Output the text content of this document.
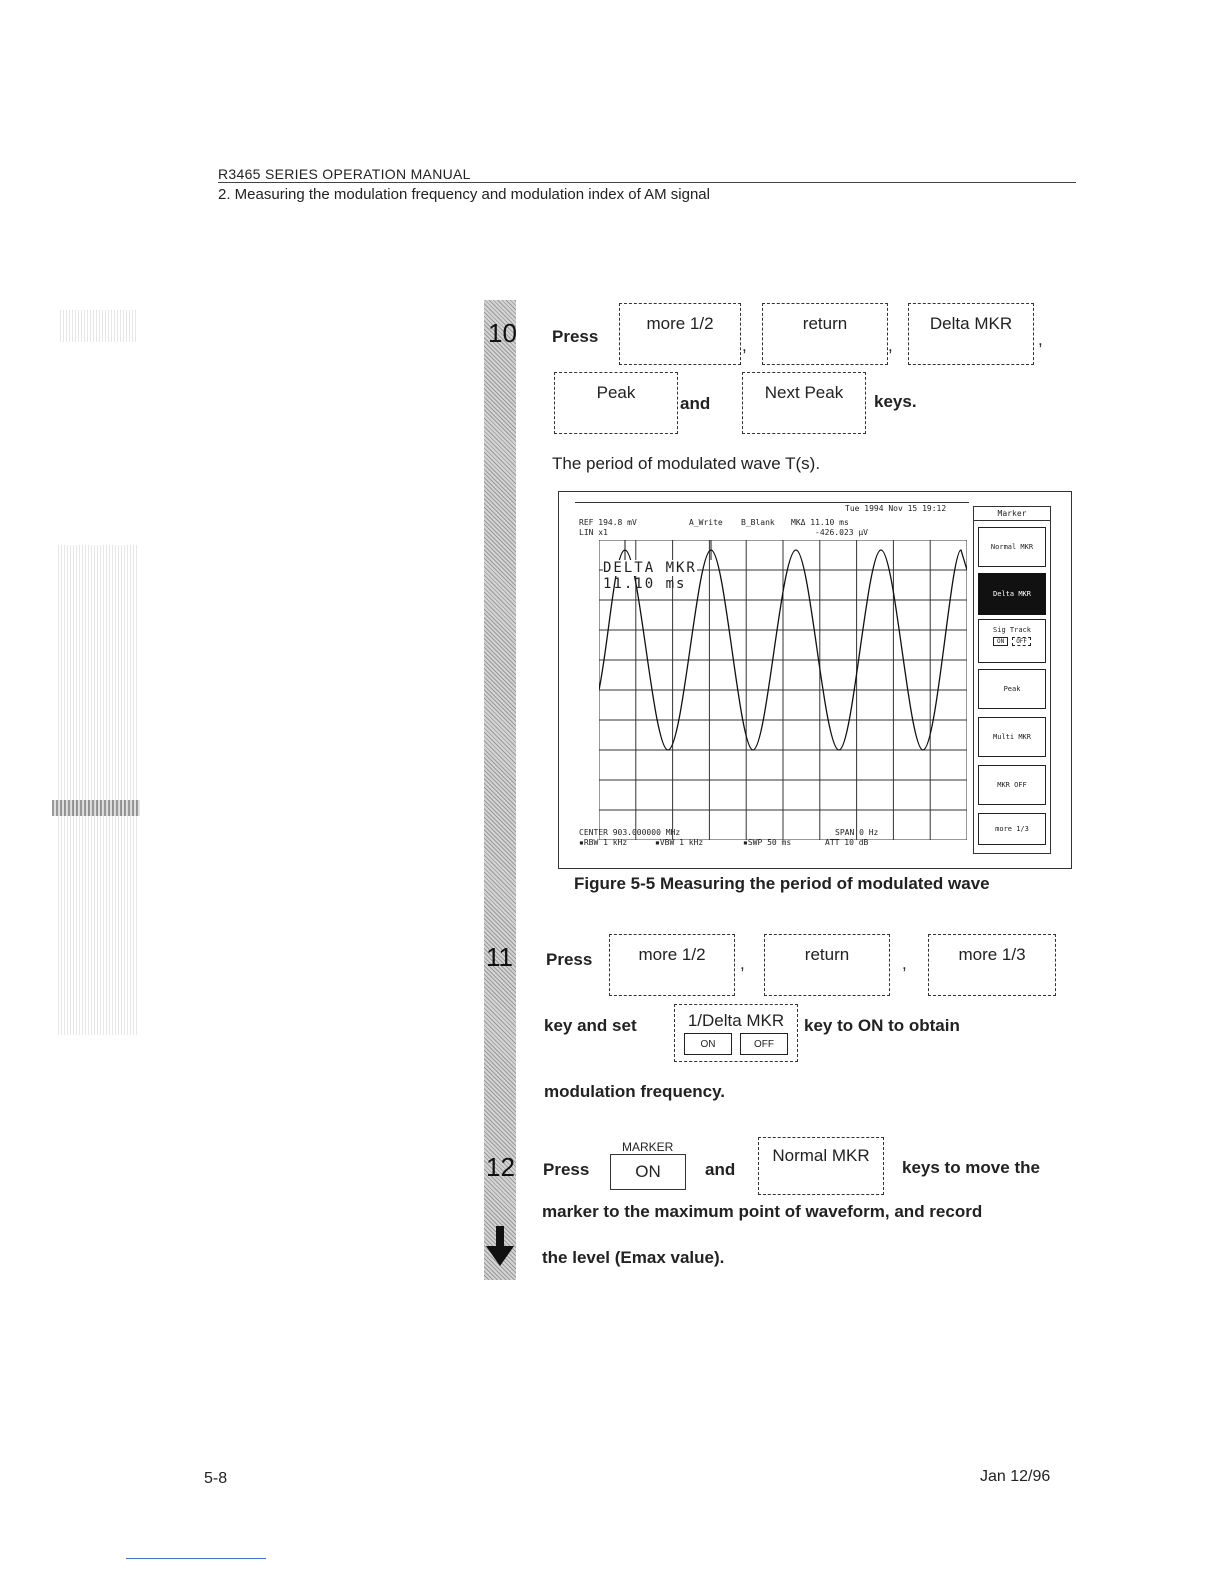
R3465 SERIES OPERATION MANUAL
2. Measuring the modulation frequency and modulation index of AM signal
10
11
12
Press
more 1/2
,
return
,
Delta MKR
,
Peak
and
Next Peak keys.
The period of modulated wave T(s).
Tue 1994 Nov 15 19:12
REF 194.8 mV
LIN x1
A_Write B_Blank MKΔ 11.10 ms
-426.023 µV
DELTA MKR
11.10 ms
CENTER 903.000000 MHz	SPAN 0 Hz
▪RBW 1 kHz	▪VBW 1 kHz	▪SWP 50 ms	ATT 10 dB
Marker
Normal MKR
Delta MKR
Sig Track
ON	OFF
Peak
Multi MKR
MKR OFF
more 1/3
Figure 5-5 Measuring the period of modulated wave
Press	more 1/2 ,	return	,	more 1/3
key and set	1/Delta MKR
ON	OFF
key to ON to obtain
modulation frequency.
Press
MARKER
ON	and
Normal MKR
keys to move the
marker to the maximum point of waveform, and record
the level (Emax value).
5-8	Jan 12/96
